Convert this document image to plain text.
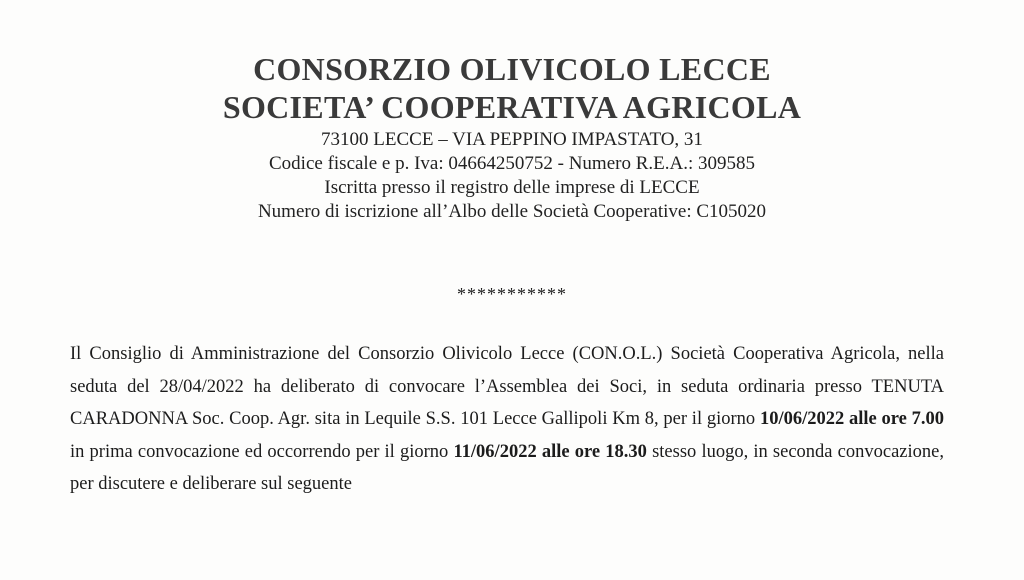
CONSORZIO OLIVICOLO LECCE

SOCIETA’ COOPERATIVA AGRICOLA

73100 LECCE – VIA PEPPINO IMPASTATO, 31

Codice fiscale e p. Iva: 04664250752 - Numero R.E.A.: 309585

Iscritta presso il registro delle imprese di LECCE

Numero di iscrizione all’Albo delle Società Cooperative: C105020

***********
Il Consiglio di Amministrazione del Consorzio Olivicolo Lecce (CON.O.L.) Società Cooperativa Agricola, nella seduta del 28/04/2022 ha deliberato di convocare l’Assemblea dei Soci, in seduta ordinaria presso TENUTA CARADONNA Soc. Coop. Agr. sita in Lequile S.S. 101 Lecce Gallipoli Km 8, per il giorno 10/06/2022 alle ore 7.00 in prima convocazione ed occorrendo per il giorno 11/06/2022 alle ore 18.30 stesso luogo, in seconda convocazione, per discutere e deliberare sul seguente
